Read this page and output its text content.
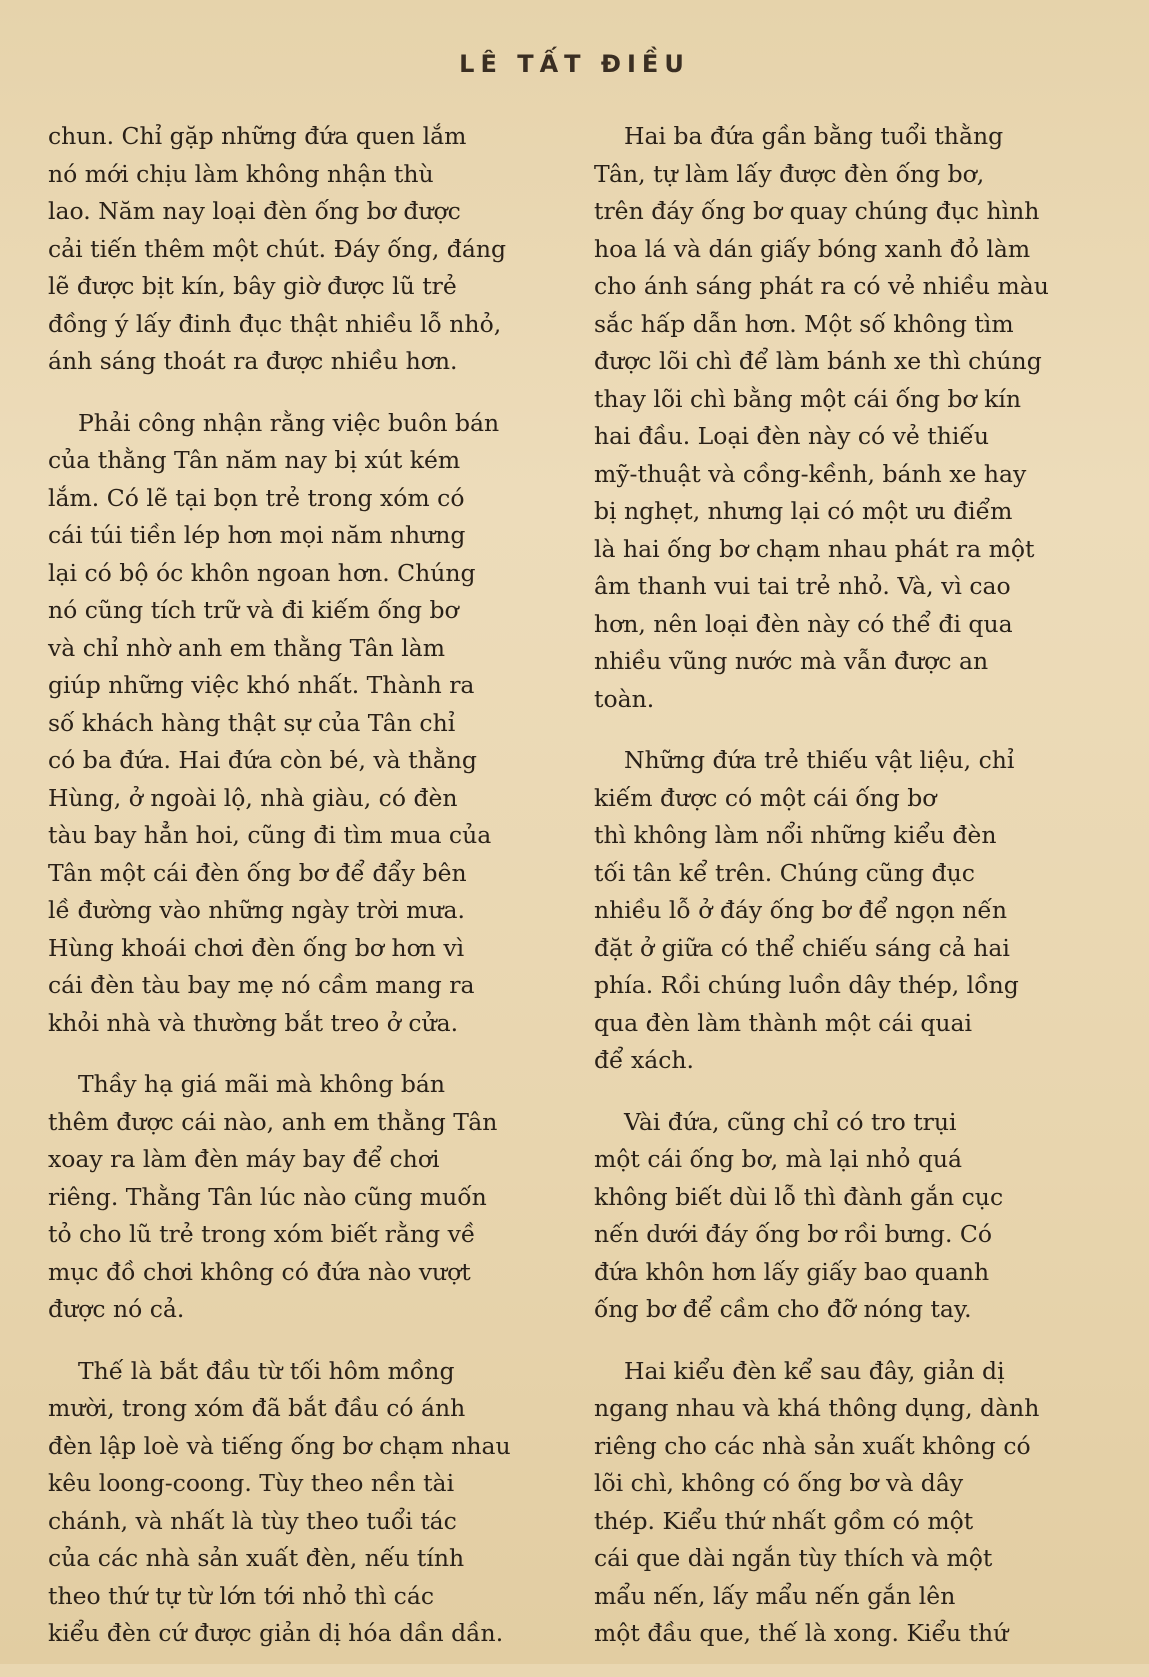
LÊ TẤT ĐIỀU
chun. Chỉ gặp những đứa quen lắm
nó mới chịu làm không nhận thù
lao. Năm nay loại đèn ống bơ được
cải tiến thêm một chút. Đáy ống, đáng
lẽ được bịt kín, bây giờ được lũ trẻ
đồng ý lấy đinh đục thật nhiều lỗ nhỏ,
ánh sáng thoát ra được nhiều hơn.
Phải công nhận rằng việc buôn bán
của thằng Tân năm nay bị xút kém
lắm. Có lẽ tại bọn trẻ trong xóm có
cái túi tiền lép hơn mọi năm nhưng
lại có bộ óc khôn ngoan hơn. Chúng
nó cũng tích trữ và đi kiếm ống bơ
và chỉ nhờ anh em thằng Tân làm
giúp những việc khó nhất. Thành ra
số khách hàng thật sự của Tân chỉ
có ba đứa. Hai đứa còn bé, và thằng
Hùng, ở ngoài lộ, nhà giàu, có đèn
tàu bay hẳn hoi, cũng đi tìm mua của
Tân một cái đèn ống bơ để đẩy bên
lề đường vào những ngày trời mưa.
Hùng khoái chơi đèn ống bơ hơn vì
cái đèn tàu bay mẹ nó cầm mang ra
khỏi nhà và thường bắt treo ở cửa.
Thầy hạ giá mãi mà không bán
thêm được cái nào, anh em thằng Tân
xoay ra làm đèn máy bay để chơi
riêng. Thằng Tân lúc nào cũng muốn
tỏ cho lũ trẻ trong xóm biết rằng về
mục đồ chơi không có đứa nào vượt
được nó cả.
Thế là bắt đầu từ tối hôm mồng
mười, trong xóm đã bắt đầu có ánh
đèn lập loè và tiếng ống bơ chạm nhau
kêu loong-coong. Tùy theo nền tài
chánh, và nhất là tùy theo tuổi tác
của các nhà sản xuất đèn, nếu tính
theo thứ tự từ lớn tới nhỏ thì các
kiểu đèn cứ được giản dị hóa dần dần.
Hai ba đứa gần bằng tuổi thằng
Tân, tự làm lấy được đèn ống bơ,
trên đáy ống bơ quay chúng đục hình
hoa lá và dán giấy bóng xanh đỏ làm
cho ánh sáng phát ra có vẻ nhiều màu
sắc hấp dẫn hơn. Một số không tìm
được lõi chì để làm bánh xe thì chúng
thay lõi chì bằng một cái ống bơ kín
hai đầu. Loại đèn này có vẻ thiếu
mỹ-thuật và cồng-kềnh, bánh xe hay
bị nghẹt, nhưng lại có một ưu điểm
là hai ống bơ chạm nhau phát ra một
âm thanh vui tai trẻ nhỏ. Và, vì cao
hơn, nên loại đèn này có thể đi qua
nhiều vũng nước mà vẫn được an
toàn.
Những đứa trẻ thiếu vật liệu, chỉ
kiếm được có một cái ống bơ
thì không làm nổi những kiểu đèn
tối tân kể trên. Chúng cũng đục
nhiều lỗ ở đáy ống bơ để ngọn nến
đặt ở giữa có thể chiếu sáng cả hai
phía. Rồi chúng luồn dây thép, lồng
qua đèn làm thành một cái quai
để xách.
Vài đứa, cũng chỉ có tro trụi
một cái ống bơ, mà lại nhỏ quá
không biết dùi lỗ thì đành gắn cục
nến dưới đáy ống bơ rồi bưng. Có
đứa khôn hơn lấy giấy bao quanh
ống bơ để cầm cho đỡ nóng tay.
Hai kiểu đèn kể sau đây, giản dị
ngang nhau và khá thông dụng, dành
riêng cho các nhà sản xuất không có
lõi chì, không có ống bơ và dây
thép. Kiểu thứ nhất gồm có một
cái que dài ngắn tùy thích và một
mẩu nến, lấy mẩu nến gắn lên
một đầu que, thế là xong. Kiểu thứ
